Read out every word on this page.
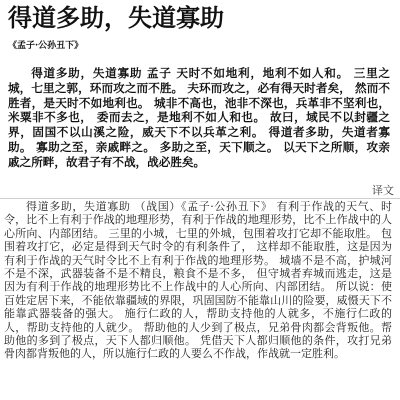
得道多助，失道寡助
《孟子·公孙丑下》

得道多助，失道寡助 孟子 天时不如地利，地利不如人和。 三里之城，七里之郭，环而攻之而不胜。 夫环而攻之，必有得天时者矣， 然而不胜者，是天时不如地利也。 城非不高也，池非不深也，兵革非不坚利也，米粟非不多也， 委而去之，是地利不如人和也。 故曰，域民不以封疆之界，固国不以山溪之险，威天下不以兵革之利。 得道者多助，失道者寡助。 寡助之至，亲戚畔之。 多助之至，天下顺之。 以天下之所顺，攻亲戚之所畔，故君子有不战，战必胜矣。

译文

得道多助，失道寡助 （战国）《孟子·公孙丑下》 有利于作战的天气、时令，比不上有利于作战的地理形势，有利于作战的地理形势，比不上作战中的人心所向、内部团结。 三里的小城，七里的外城，包围着攻打它却不能取胜。 包围着攻打它，必定是得到天气时令的有利条件了， 这样却不能取胜，这是因为有利于作战的天气时令比不上有利于作战的地理形势。 城墙不是不高，护城河不是不深，武器装备不是不精良，粮食不是不多， 但守城者弃城而逃走，这是因为有利于作战的地理形势比不上作战中的人心所向、内部团结。 所以说：使百姓定居下来，不能依靠疆域的界限，巩固国防不能靠山川的险要，威慑天下不能靠武器装备的强大。 施行仁政的人，帮助支持他的人就多，不施行仁政的人，帮助支持他的人就少。 帮助他的人少到了极点，兄弟骨肉都会背叛他。帮助他的多到了极点，天下人都归顺他。 凭借天下人都归顺他的条件，攻打兄弟骨肉都背叛他的人，所以施行仁政的人要么不作战，作战就一定胜利。
